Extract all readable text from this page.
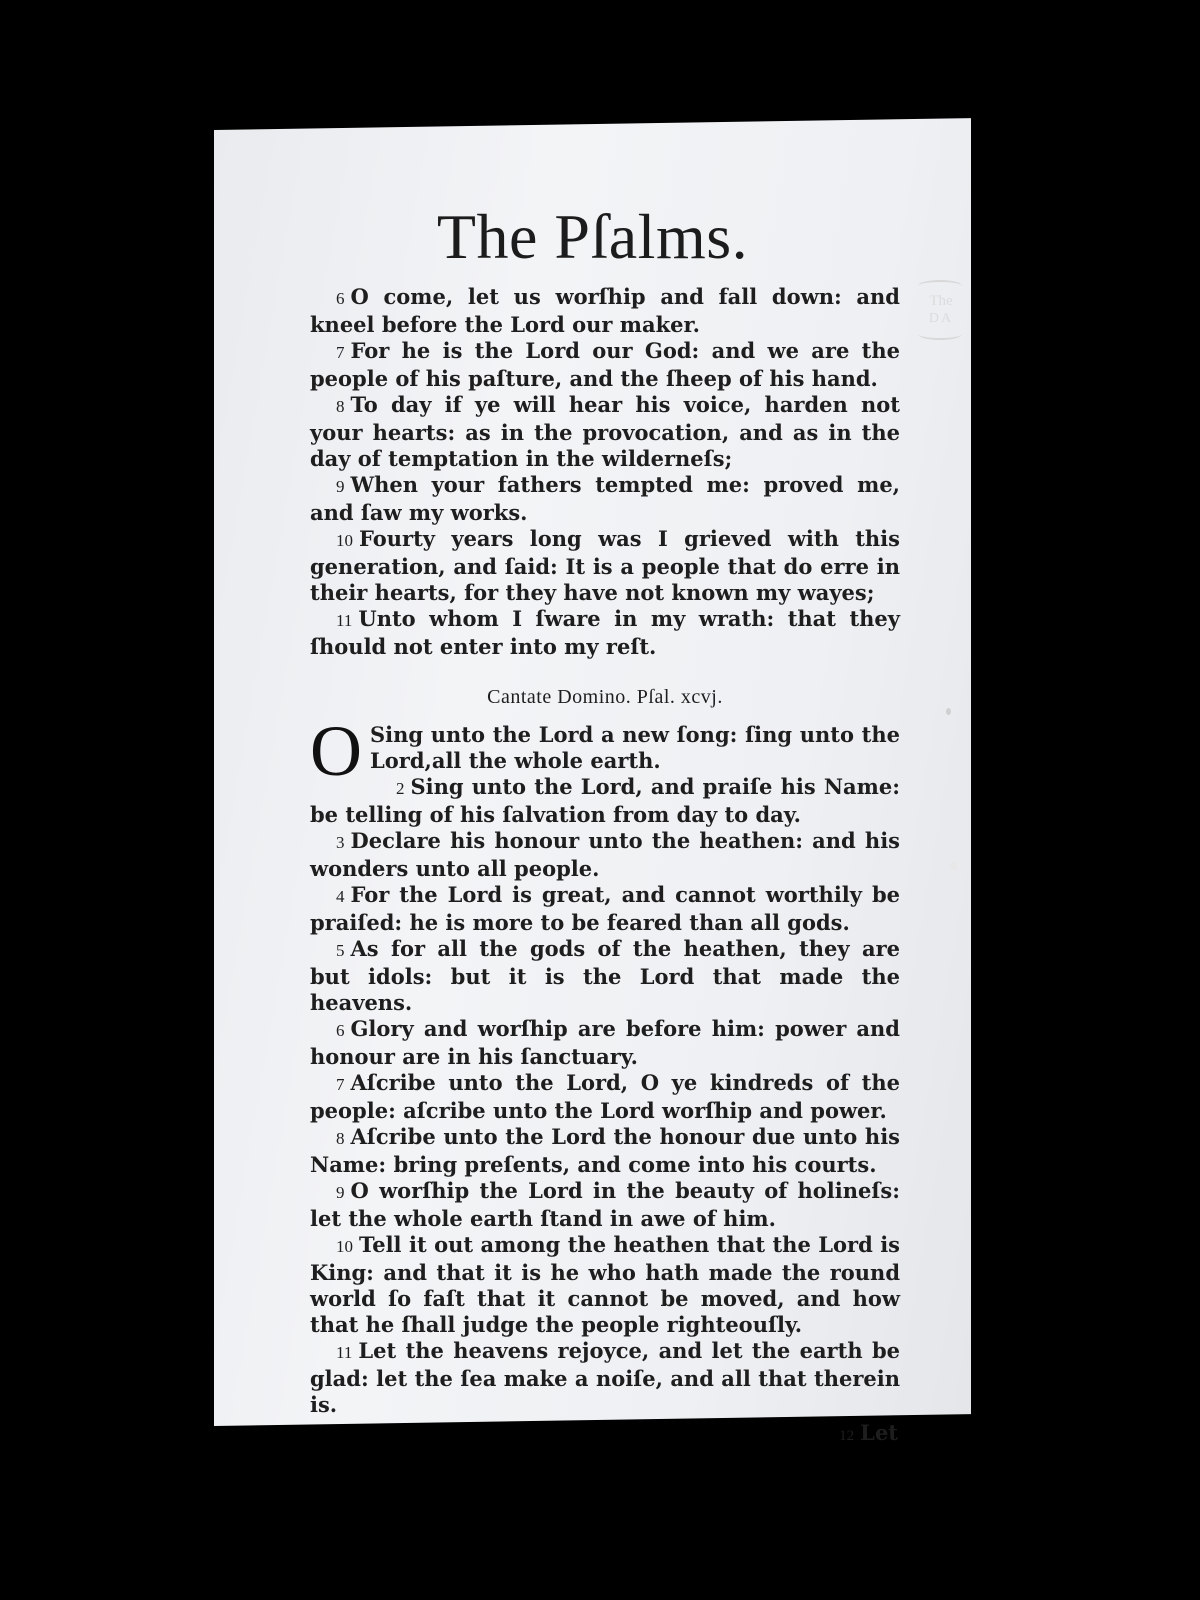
The Pſalms.

6 O come, let us worſhip and fall down: and kneel before the Lord our maker.

7 For he is the Lord our God: and we are the people of his paſture, and the ſheep of his hand.

8 To day if ye will hear his voice, harden not your hearts: as in the provocation, and as in the day of temptation in the wilderneſs;

9 When your fathers tempted me: proved me, and ſaw my works.

10 Fourty years long was I grieved with this generation, and ſaid: It is a people that do erre in their hearts, for they have not known my wayes;

11 Unto whom I ſware in my wrath: that they ſhould not enter into my reſt.

Cantate Domino. Pſal. xcvj.

O Sing unto the Lord a new ſong: ſing unto the Lord,all the whole earth.

2 Sing unto the Lord, and praiſe his Name: be telling of his ſalvation from day to day.

3 Declare his honour unto the heathen: and his wonders unto all people.

4 For the Lord is great, and cannot worthily be praiſed: he is more to be feared than all gods.

5 As for all the gods of the heathen, they are but idols: but it is the Lord that made the heavens.

6 Glory and worſhip are before him: power and honour are in his ſanctuary.

7 Aſcribe unto the Lord, O ye kindreds of the people: aſcribe unto the Lord worſhip and power.

8 Aſcribe unto the Lord the honour due unto his Name: bring preſents, and come into his courts.

9 O worſhip the Lord in the beauty of holineſs: let the whole earth ſtand in awe of him.

10 Tell it out among the heathen that the Lord is King: and that it is he who hath made the round world ſo faſt that it cannot be moved, and how that he ſhall judge the people righteouſly.

11 Let the heavens rejoyce, and let the earth be glad: let the ſea make a noiſe, and all that therein is.

12 Let
The
DA
